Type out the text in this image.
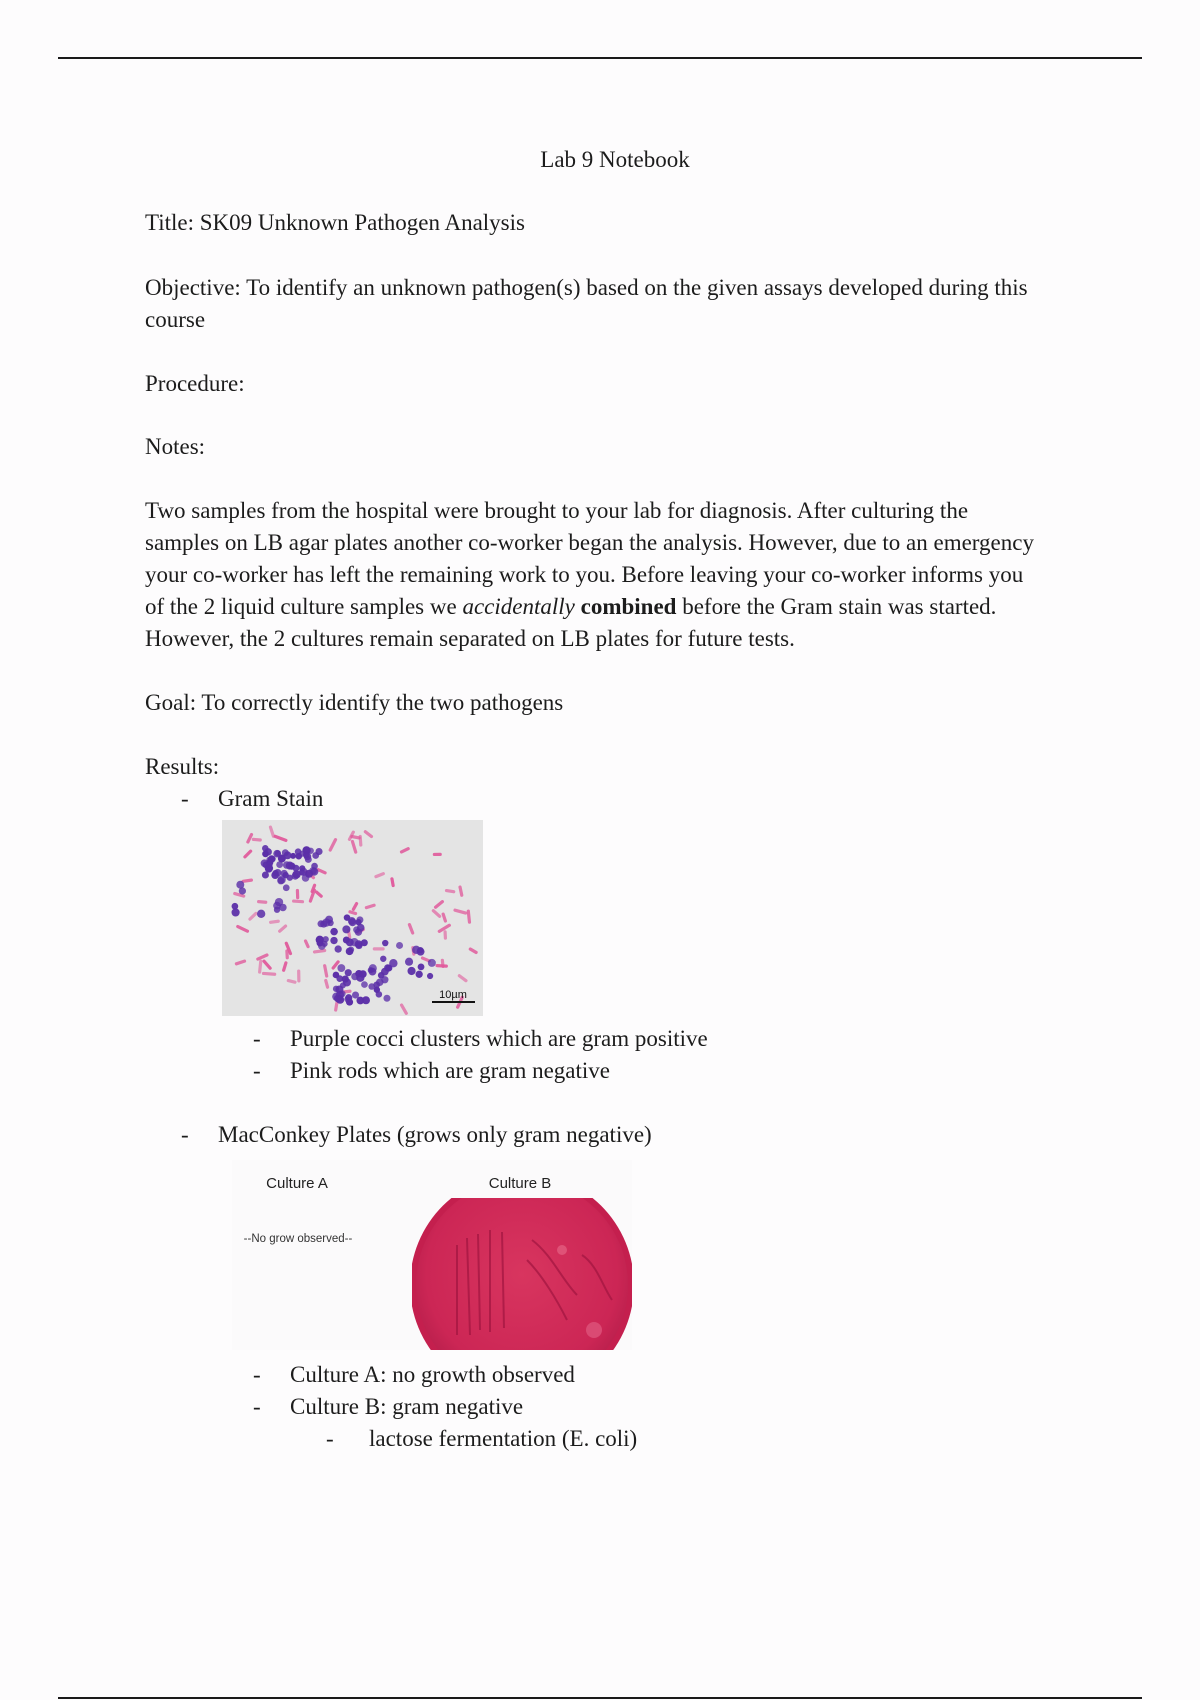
Lab 9 Notebook
Title: SK09 Unknown Pathogen Analysis
Objective: To identify an unknown pathogen(s) based on the given assays developed during this
course
Procedure:
Notes:
Two samples from the hospital were brought to your lab for diagnosis. After culturing the
samples on LB agar plates another co-worker began the analysis. However, due to an emergency
your co-worker has left the remaining work to you. Before leaving your co-worker informs you
of the 2 liquid culture samples we accidentally combined before the Gram stain was started.
However, the 2 cultures remain separated on LB plates for future tests.
Goal: To correctly identify the two pathogens
Results:
- Gram Stain
10µm
- Purple cocci clusters which are gram positive
- Pink rods which are gram negative
- MacConkey Plates (grows only gram negative)
- Culture A: no growth observed
- Culture B: gram negative
- lactose fermentation (E. coli)
Culture A	Culture B
--No grow observed--
